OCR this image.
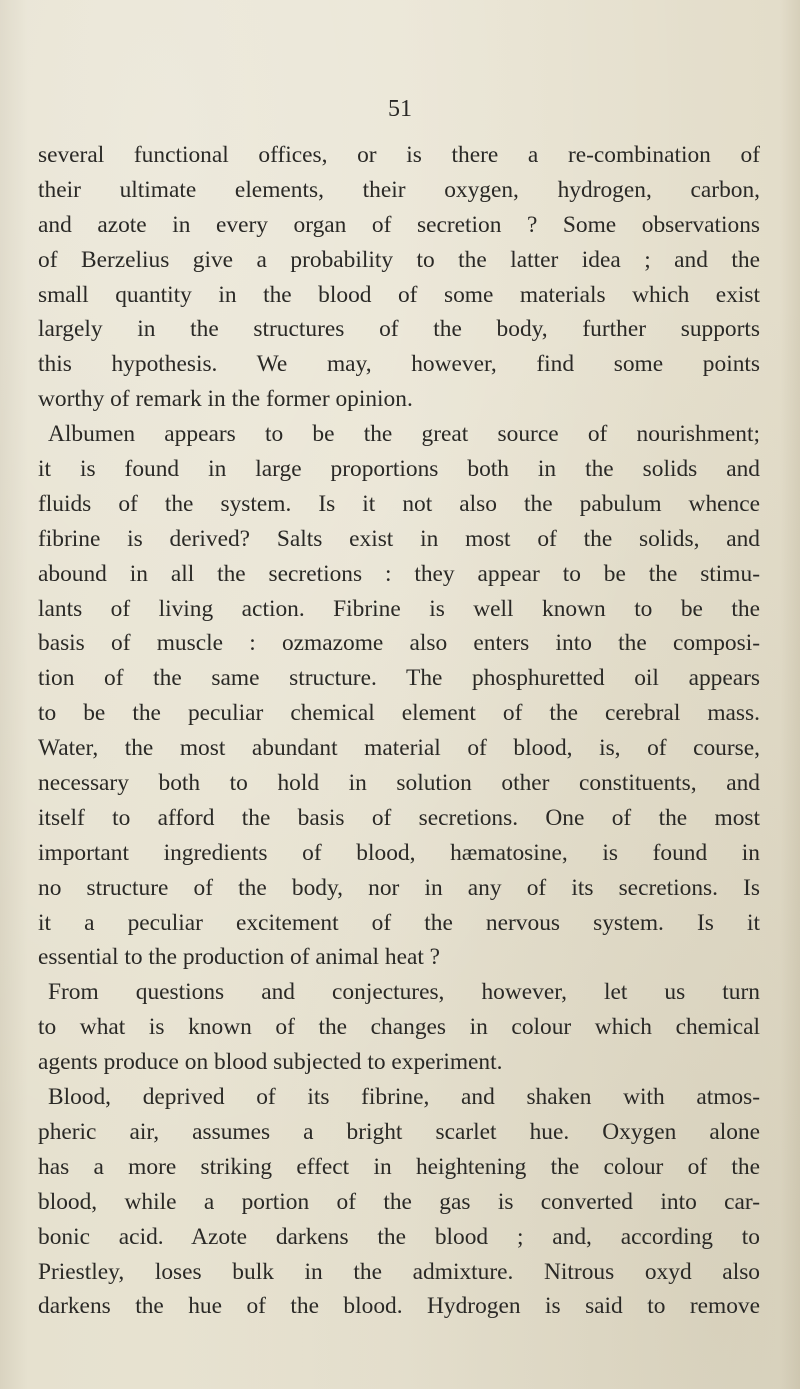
51
several functional offices, or is there a re-combination of
their ultimate elements, their oxygen, hydrogen, carbon,
and azote in every organ of secretion ? Some observations
of Berzelius give a probability to the latter idea ; and the
small quantity in the blood of some materials which exist
largely in the structures of the body, further supports
this hypothesis. We may, however, find some points
worthy of remark in the former opinion.
Albumen appears to be the great source of nourishment;
it is found in large proportions both in the solids and
fluids of the system. Is it not also the pabulum whence
fibrine is derived? Salts exist in most of the solids, and
abound in all the secretions : they appear to be the stimu-
lants of living action. Fibrine is well known to be the
basis of muscle : ozmazome also enters into the composi-
tion of the same structure. The phosphuretted oil appears
to be the peculiar chemical element of the cerebral mass.
Water, the most abundant material of blood, is, of course,
necessary both to hold in solution other constituents, and
itself to afford the basis of secretions. One of the most
important ingredients of blood, hæmatosine, is found in
no structure of the body, nor in any of its secretions. Is
it a peculiar excitement of the nervous system. Is it
essential to the production of animal heat ?
From questions and conjectures, however, let us turn
to what is known of the changes in colour which chemical
agents produce on blood subjected to experiment.
Blood, deprived of its fibrine, and shaken with atmos-
pheric air, assumes a bright scarlet hue. Oxygen alone
has a more striking effect in heightening the colour of the
blood, while a portion of the gas is converted into car-
bonic acid. Azote darkens the blood ; and, according to
Priestley, loses bulk in the admixture. Nitrous oxyd also
darkens the hue of the blood. Hydrogen is said to remove
